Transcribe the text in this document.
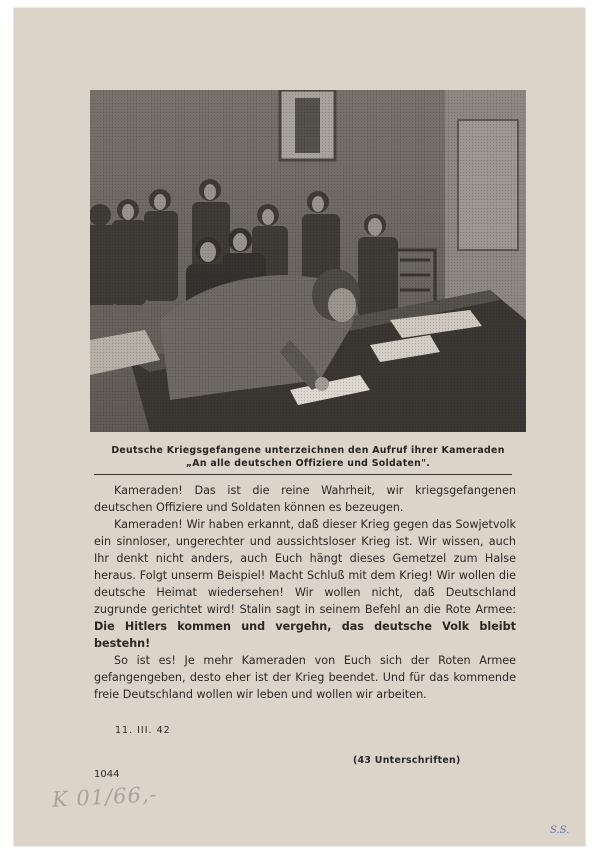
Deutsche Kriegsgefangene unterzeichnen den Aufruf ihrer Kameraden
„An alle deutschen Offiziere und Soldaten".

Kameraden! Das ist die reine Wahrheit, wir kriegsgefangenen deutschen Offiziere und Soldaten können es bezeugen.

Kameraden! Wir haben erkannt, daß dieser Krieg gegen das Sowjetvolk ein sinnloser, ungerechter und aussichtsloser Krieg ist. Wir wissen, auch Ihr denkt nicht anders, auch Euch hängt dieses Gemetzel zum Halse heraus. Folgt unserm Beispiel! Macht Schluß mit dem Krieg! Wir wollen die deutsche Heimat wiedersehen! Wir wollen nicht, daß Deutschland zugrunde gerichtet wird! Stalin sagt in seinem Befehl an die Rote Armee: Die Hitlers kommen und vergehn, das deutsche Volk bleibt bestehn!

So ist es! Je mehr Kameraden von Euch sich der Roten Armee gefangengeben, desto eher ist der Krieg beendet. Und für das kommende freie Deutschland wollen wir leben und wollen wir arbeiten.

11. III. 42
(43 Unterschriften)
1044
K 01/66,-
S.S.
